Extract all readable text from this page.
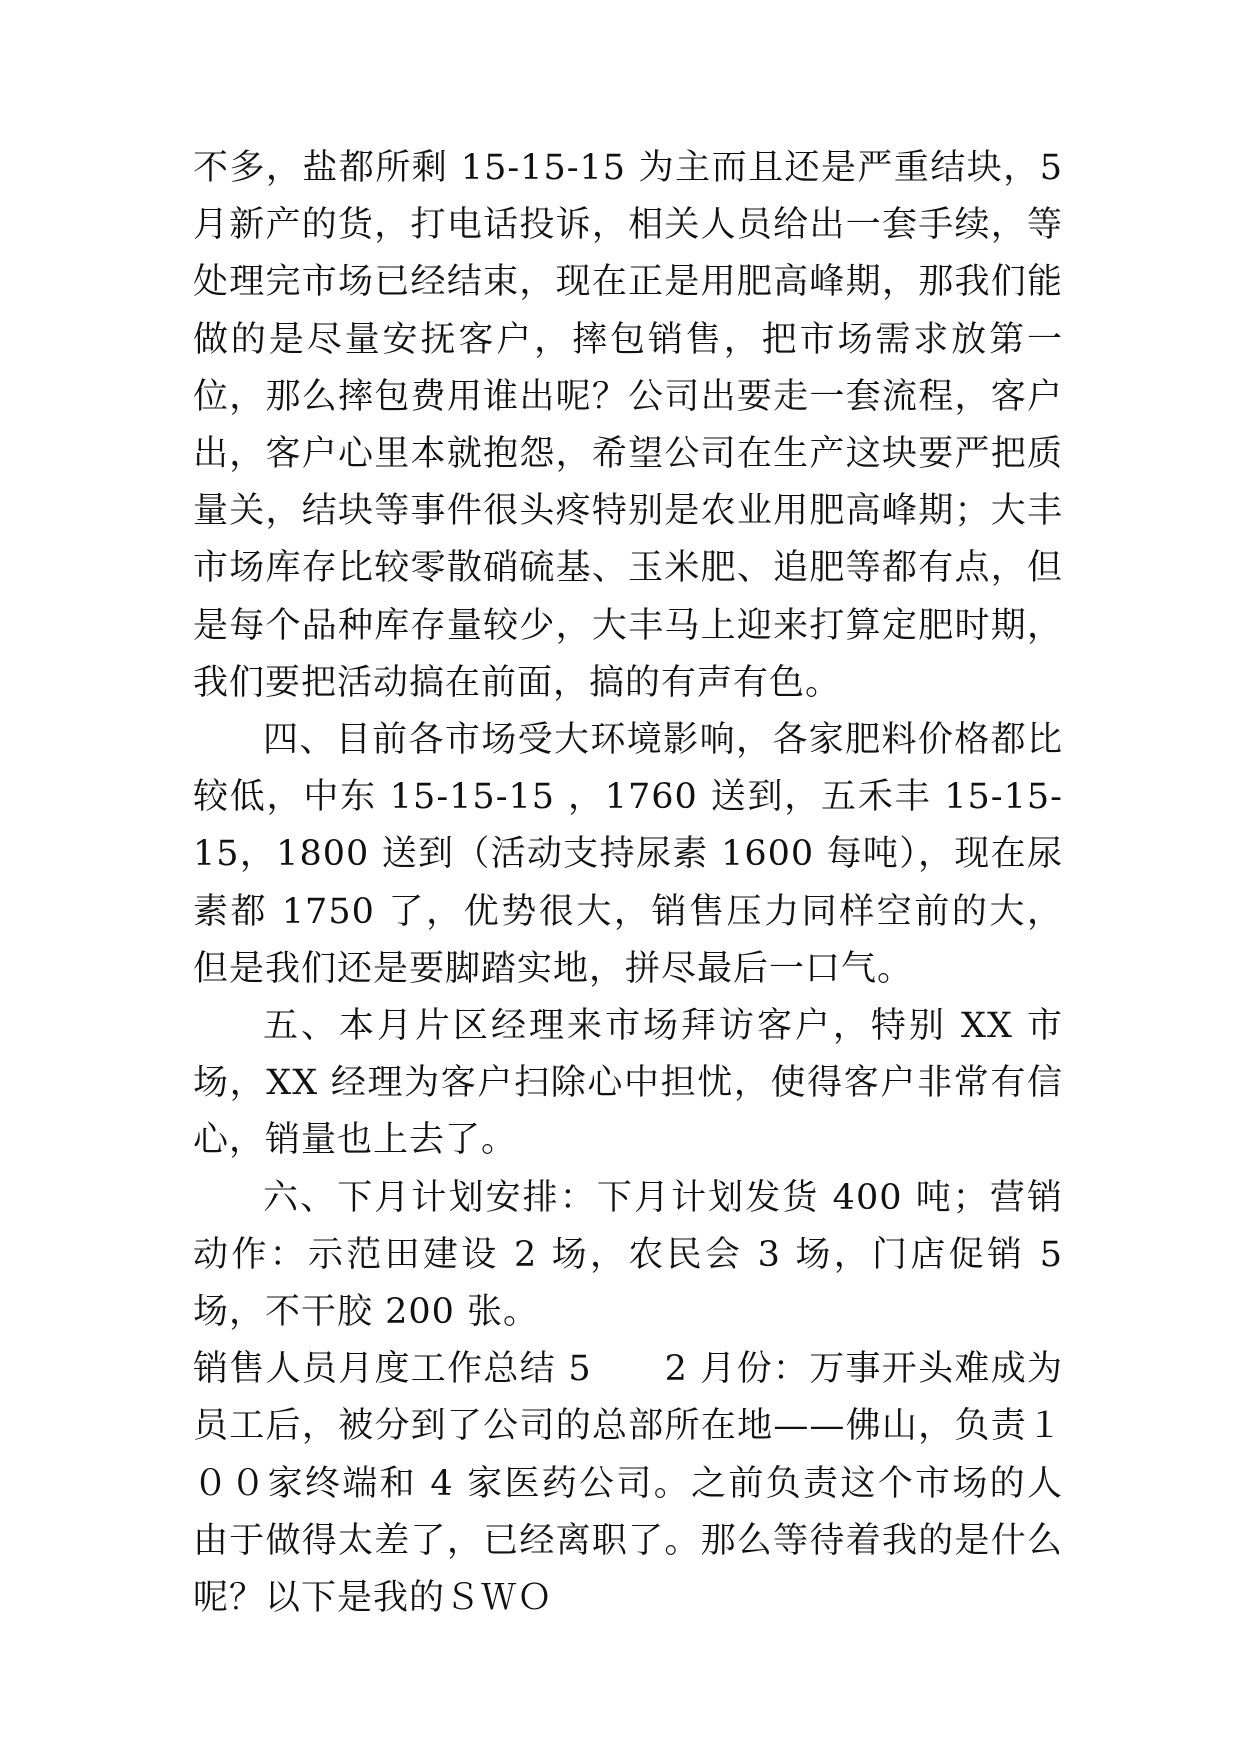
不多，盐都所剩 15-15-15 为主而且还是严重结块，5 月新产的货，打电话投诉，相关人员给出一套手续，等处理完市场已经结束，现在正是用肥高峰期，那我们能做的是尽量安抚客户，摔包销售，把市场需求放第一位，那么摔包费用谁出呢？公司出要走一套流程，客户出，客户心里本就抱怨，希望公司在生产这块要严把质量关，结块等事件很头疼特别是农业用肥高峰期；大丰市场库存比较零散硝硫基、玉米肥、追肥等都有点，但是每个品种库存量较少，大丰马上迎来打算定肥时期，我们要把活动搞在前面，搞的有声有色。

四、目前各市场受大环境影响，各家肥料价格都比较低，中东 15-15-15 ，1760 送到，五禾丰 15-15-15，1800 送到（活动支持尿素 1600 每吨），现在尿素都 1750 了，优势很大，销售压力同样空前的大，但是我们还是要脚踏实地，拼尽最后一口气。

五、本月片区经理来市场拜访客户，特别 XX 市场，XX 经理为客户扫除心中担忧，使得客户非常有信心，销量也上去了。

六、下月计划安排：下月计划发货 400 吨；营销动作：示范田建设 2 场，农民会 3 场，门店促销 5 场，不干胶 200 张。

销售人员月度工作总结 5　　2 月份：万事开头难成为员工后，被分到了公司的总部所在地——佛山，负责１００家终端和 4 家医药公司。之前负责这个市场的人由于做得太差了，已经离职了。那么等待着我的是什么呢？以下是我的ＳＷＯ
